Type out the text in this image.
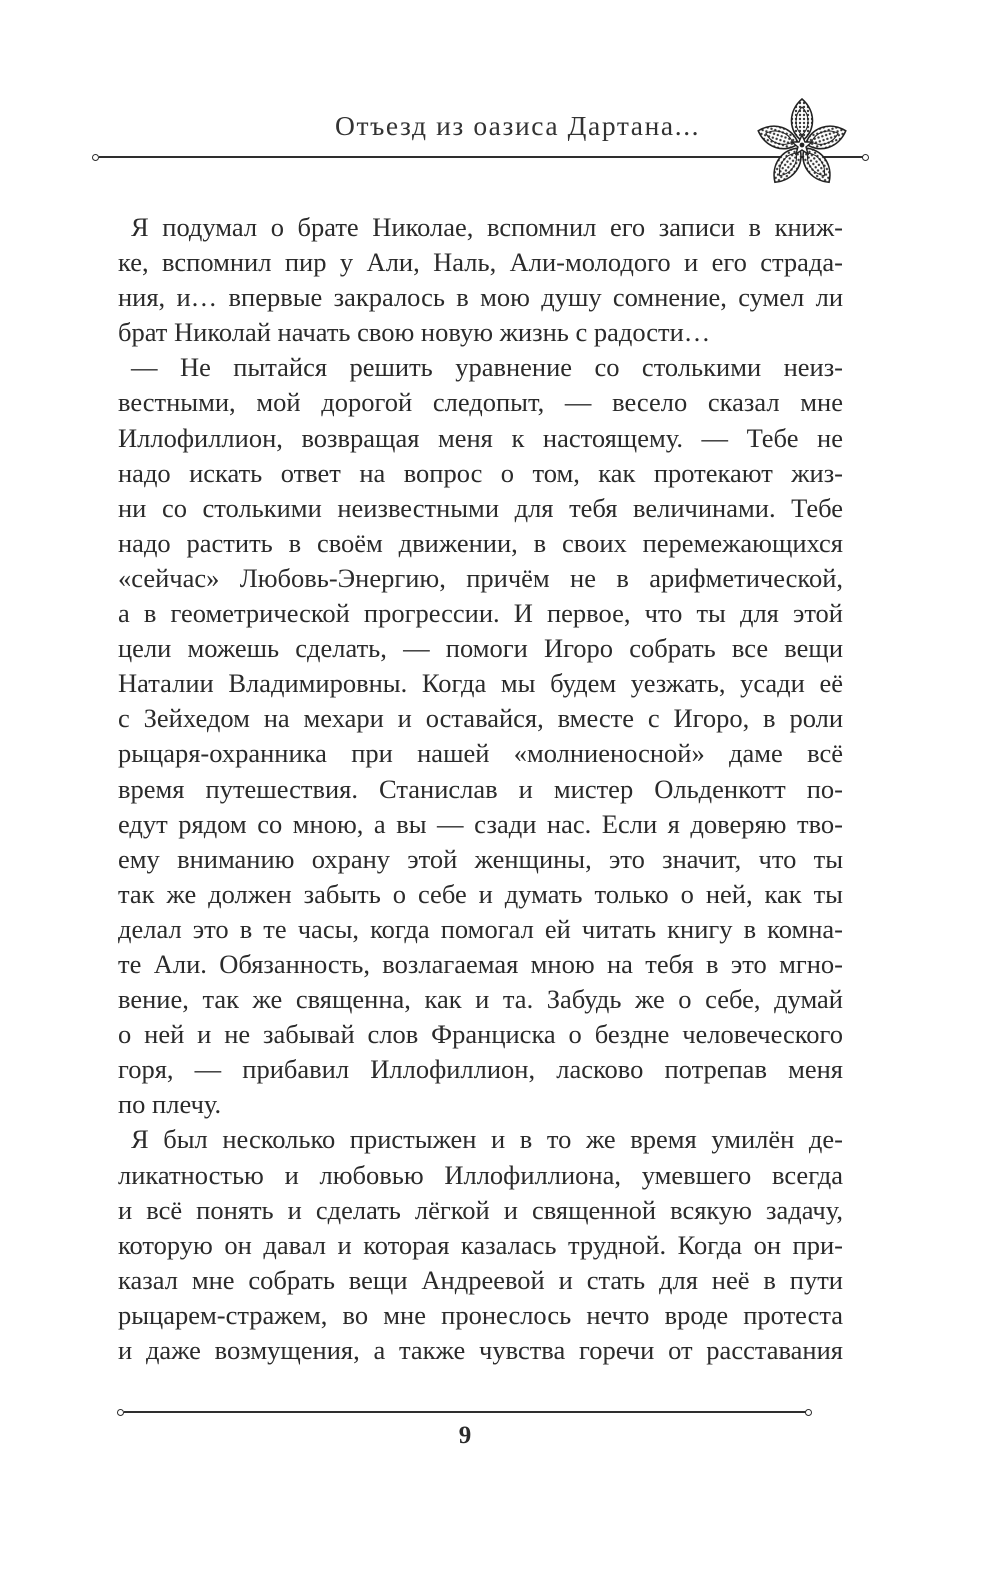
Отъезд из оазиса Дартана...
Я подумал о брате Николае, вспомнил его записи в книж-
ке, вспомнил пир у Али, Наль, Али-молодого и его страда-
ния, и… впервые закралось в мою душу сомнение, сумел ли
брат Николай начать свою новую жизнь с радости…
— Не пытайся решить уравнение со столькими неиз-
вестными, мой дорогой следопыт, — весело сказал мне
Иллофиллион, возвращая меня к настоящему. — Тебе не
надо искать ответ на вопрос о том, как протекают жиз-
ни со столькими неизвестными для тебя величинами. Тебе
надо растить в своём движении, в своих перемежающихся
«сейчас» Любовь-Энергию, причём не в арифметической,
а в геометрической прогрессии. И первое, что ты для этой
цели можешь сделать, — помоги Игоро собрать все вещи
Наталии Владимировны. Когда мы будем уезжать, усади её
с Зейхедом на мехари и оставайся, вместе с Игоро, в роли
рыцаря-охранника при нашей «молниеносной» даме всё
время путешествия. Станислав и мистер Ольденкотт по-
едут рядом со мною, а вы — сзади нас. Если я доверяю тво-
ему вниманию охрану этой женщины, это значит, что ты
так же должен забыть о себе и думать только о ней, как ты
делал это в те часы, когда помогал ей читать книгу в комна-
те Али. Обязанность, возлагаемая мною на тебя в это мгно-
вение, так же священна, как и та. Забудь же о себе, думай
о ней и не забывай слов Франциска о бездне человеческого
горя, — прибавил Иллофиллион, ласково потрепав меня
по плечу.
Я был несколько пристыжен и в то же время умилён де-
ликатностью и любовью Иллофиллиона, умевшего всегда
и всё понять и сделать лёгкой и священной всякую задачу,
которую он давал и которая казалась трудной. Когда он при-
казал мне собрать вещи Андреевой и стать для неё в пути
рыцарем-стражем, во мне пронеслось нечто вроде протеста
и даже возмущения, а также чувства горечи от расставания
9
